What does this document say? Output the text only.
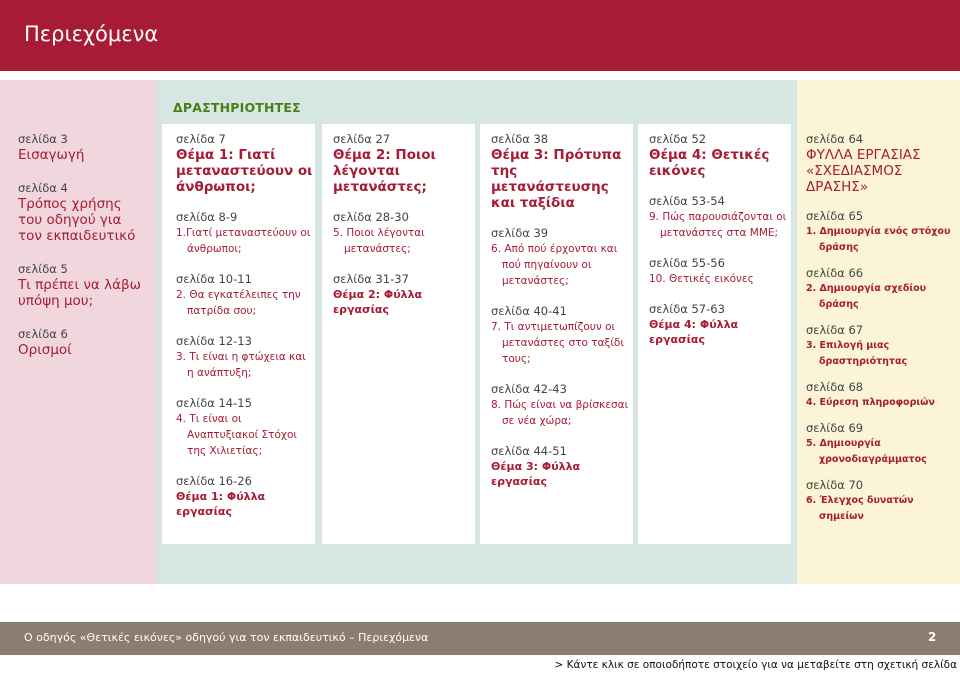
Περιεχόμενα
ΔΡΑΣΤΗΡΙΟΤΗΤΕΣ
σελίδα 3
Εισαγωγή
σελίδα 4
Τρόπος χρήσης του οδηγού για τον εκπαιδευτικό
σελίδα 5
Τι πρέπει να λάβω υπόψη μου;
σελίδα 6
Ορισμοί
σελίδα 7
Θέμα 1: Γιατί μεταναστεύουν οι άνθρωποι;
σελίδα 8-9
1.Γιατί μεταναστεύουν οι άνθρωποι;
σελίδα 10-11
2. Θα εγκατέλειπες την πατρίδα σου;
σελίδα 12-13
3. Τι είναι η φτώχεια και η ανάπτυξη;
σελίδα 14-15
4. Τι είναι οι Αναπτυξιακοί Στόχοι της Χιλιετίας;
σελίδα 16-26
Θέμα 1: Φύλλα εργασίας
σελίδα 27
Θέμα 2: Ποιοι λέγονται μετανάστες;
σελίδα 28-30
5. Ποιοι λέγονται μετανάστες;
σελίδα 31-37
Θέμα 2: Φύλλα εργασίας
σελίδα 38
Θέμα 3: Πρότυπα της μετανάστευσης και ταξίδια
σελίδα 39
6. Από πού έρχονται και πού πηγαίνουν οι μετανάστες;
σελίδα 40-41
7. Τι αντιμετωπίζουν οι μετανάστες στο ταξίδι τους;
σελίδα 42-43
8. Πώς είναι να βρίσκεσαι σε νέα χώρα;
σελίδα 44-51
Θέμα 3: Φύλλα εργασίας
σελίδα 52
Θέμα 4: Θετικές εικόνες
σελίδα 53-54
9. Πώς παρουσιάζονται οι μετανάστες στα ΜΜΕ;
σελίδα 55-56
10. Θετικές εικόνες
σελίδα 57-63
Θέμα 4: Φύλλα εργασίας
σελίδα 64
ΦΥΛΛΑ ΕΡΓΑΣΙΑΣ «ΣΧΕΔΙΑΣΜΟΣ ΔΡΑΣΗΣ»
σελίδα 65
1. Δημιουργία ενός στόχου δράσης
σελίδα 66
2. Δημιουργία σχεδίου δράσης
σελίδα 67
3. Επιλογή μιας δραστηριότητας
σελίδα 68
4. Εύρεση πληροφοριών
σελίδα 69
5. Δημιουργία χρονοδιαγράμματος
σελίδα 70
6. Έλεγχος δυνατών σημείων
Ο οδηγός «Θετικές εικόνες» οδηγού για τον εκπαιδευτικό – Περιεχόμενα	2
> Κάντε κλικ σε οποιοδήποτε στοιχείο για να μεταβείτε στη σχετική σελίδα
